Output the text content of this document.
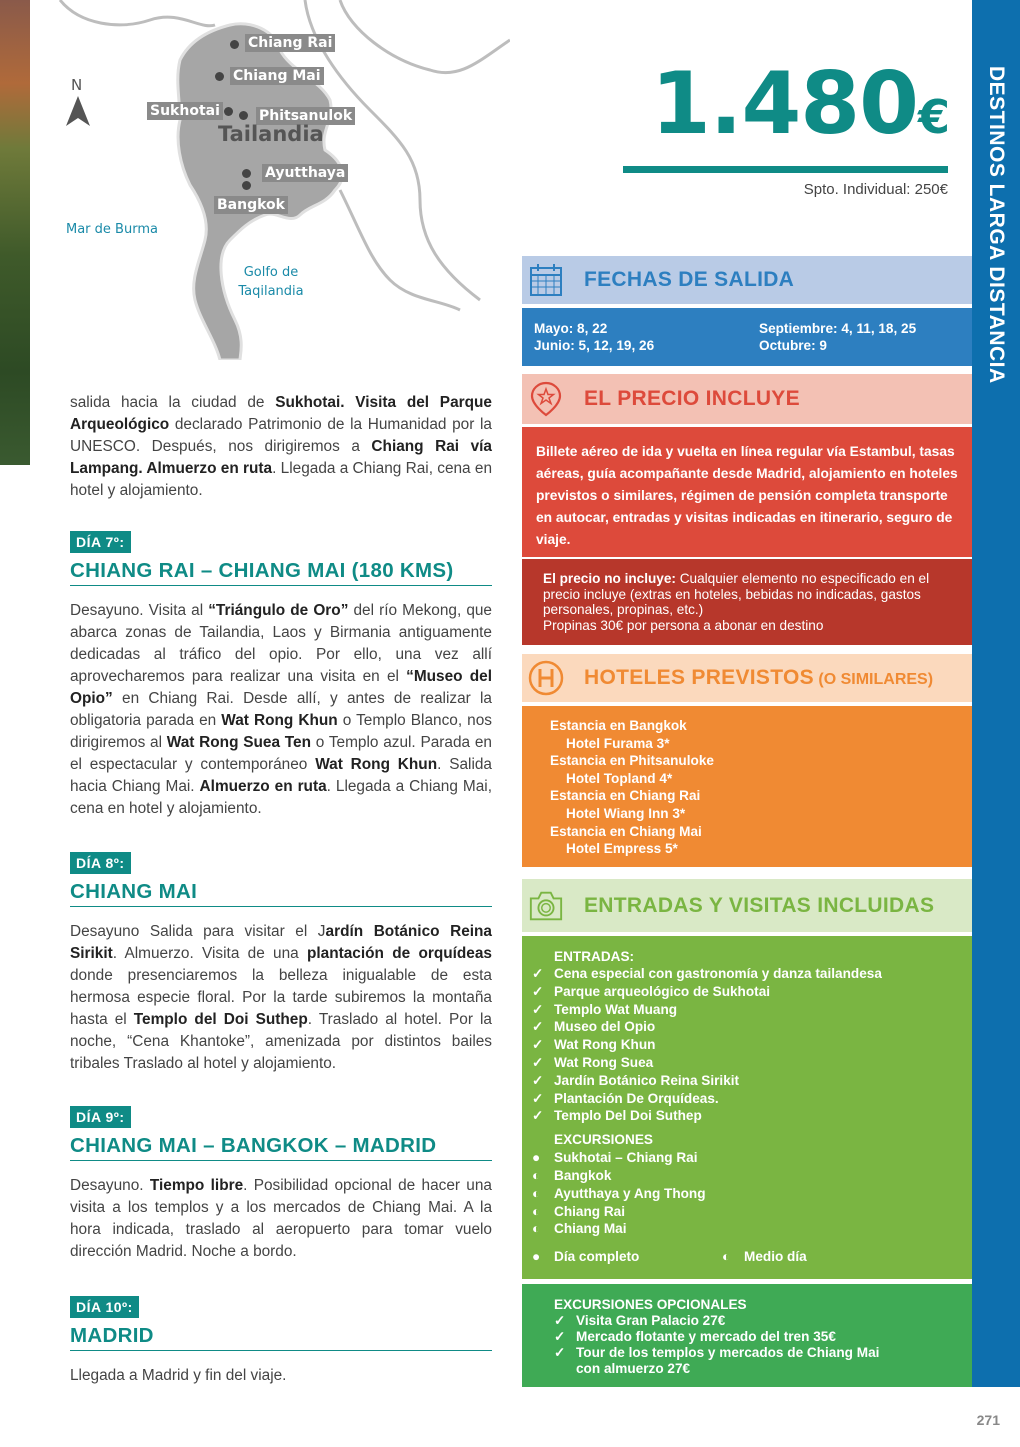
Chiang Rai
Chiang Mai
Sukhotai	Phitsanulok
Tailandia
Ayutthaya
Bangkok
Mar de Burma
Golfo de
Taqilandia
N

salida hacia la ciudad de Sukhotai. Visita del Parque Arqueológico declarado Patrimonio de la Humanidad por la UNESCO. Después, nos dirigiremos a Chiang Rai vía Lampang. Almuerzo en ruta. Llegada a Chiang Rai, cena en hotel y alojamiento.

DÍA 7º:
CHIANG RAI – CHIANG MAI (180 KMS)

Desayuno. Visita al “Triángulo de Oro” del río Mekong, que abarca zonas de Tailandia, Laos y Birmania antiguamente dedicadas al tráfico del opio. Por ello, una vez allí aprovecharemos para realizar una visita en el “Museo del Opio” en Chiang Rai. Desde allí, y antes de realizar la obligatoria parada en Wat Rong Khun o Templo Blanco, nos dirigiremos al Wat Rong Suea Ten o Templo azul. Parada en el espectacular y contemporáneo Wat Rong Khun. Salida hacia Chiang Mai. Almuerzo en ruta. Llegada a Chiang Mai, cena en hotel y alojamiento.

DÍA 8º:
CHIANG MAI

Desayuno Salida para visitar el Jardín Botánico Reina Sirikit. Almuerzo. Visita de una plantación de orquídeas donde presenciaremos la belleza inigualable de esta hermosa especie floral. Por la tarde subiremos la montaña hasta el Templo del Doi Suthep. Traslado al hotel. Por la noche, “Cena Khantoke”, amenizada por distintos bailes tribales Traslado al hotel y alojamiento.

DÍA 9º:
CHIANG MAI – BANGKOK – MADRID

Desayuno. Tiempo libre. Posibilidad opcional de hacer una visita a los templos y a los mercados de Chiang Mai. A la hora indicada, traslado al aeropuerto para tomar vuelo dirección Madrid. Noche a bordo.

DÍA 10º:
MADRID

Llegada a Madrid y fin del viaje.

1.480€
Spto. Individual: 250€ DESTINOS LARGA DISTANCIA
271
FECHAS DE SALIDA
Mayo: 8, 22
Junio: 5, 12, 19, 26
Septiembre: 4, 11, 18, 25
Octubre: 9
EL PRECIO INCLUYE
Billete aéreo de ida y vuelta en línea regular vía Estambul, tasas aéreas, guía acompañante desde Madrid, alojamiento en hoteles previstos o similares, régimen de pensión completa transporte en autocar, entradas y visitas indicadas en itinerario, seguro de viaje.
El precio no incluye: Cualquier elemento no especificado en el precio incluye (extras en hoteles, bebidas no indicadas, gastos personales, propinas, etc.)
Propinas 30€ por persona a abonar en destino
HOTELES PREVISTOS (O SIMILARES)
Estancia en Bangkok
Hotel Furama 3*
Estancia en Phitsanuloke
Hotel Topland 4*
Estancia en Chiang Rai
Hotel Wiang Inn 3*
Estancia en Chiang Mai
Hotel Empress 5*
ENTRADAS Y VISITAS INCLUIDAS
ENTRADAS:
✓ Cena especial con gastronomía y danza tailandesa
✓ Parque arqueológico de Sukhotai
✓ Templo Wat Muang
✓ Museo del Opio
✓ Wat Rong Khun
✓ Wat Rong Suea
✓ Jardín Botánico Reina Sirikit
✓ Plantación De Orquídeas.
✓ Templo Del Doi Suthep
EXCURSIONES
●	Sukhotai – Chiang Rai
◐	Bangkok
◐	Ayutthaya y Ang Thong
◐	Chiang Rai
◐	Chiang Mai
●	Día completo	◐	Medio día
EXCURSIONES OPCIONALES
✓ Visita Gran Palacio 27€
✓ Mercado flotante y mercado del tren 35€
✓ Tour de los templos y mercados de Chiang Mai
con almuerzo 27€
